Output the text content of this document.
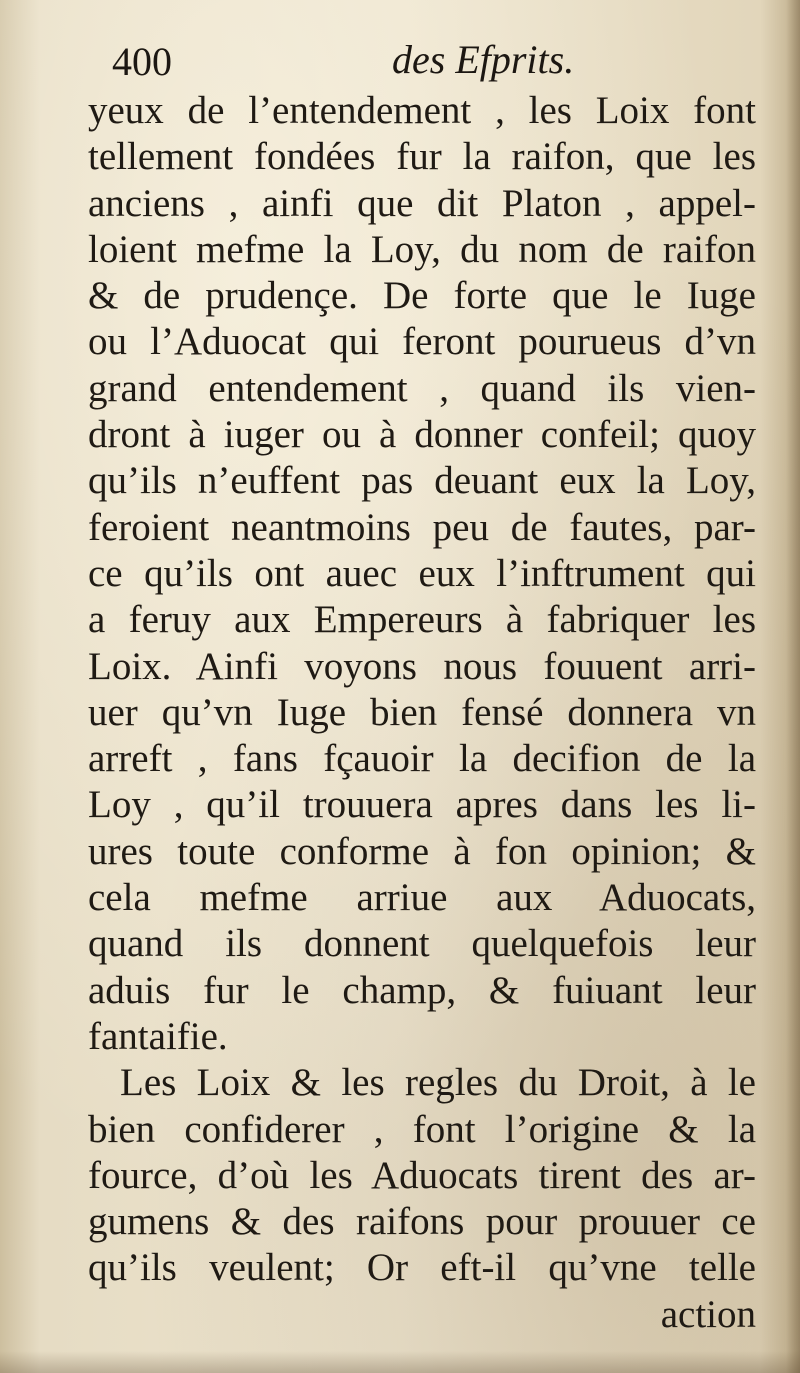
400	des Efprits.
yeux de l’entendement , les Loix font
tellement fondées fur la raifon, que les
anciens , ainfi que dit Platon , appel-
loient mefme la Loy, du nom de raifon
& de prudençe. De forte que le Iuge
ou l’Aduocat qui feront pourueus d’vn
grand entendement , quand ils vien-
dront à iuger ou à donner confeil; quoy
qu’ils n’euffent pas deuant eux la Loy,
feroient neantmoins peu de fautes, par-
ce qu’ils ont auec eux l’inftrument qui
a feruy aux Empereurs à fabriquer les
Loix. Ainfi voyons nous fouuent arri-
uer qu’vn Iuge bien fensé donnera vn
arreft , fans fçauoir la decifion de la
Loy , qu’il trouuera apres dans les li-
ures toute conforme à fon opinion; &
cela mefme arriue aux Aduocats,
quand ils donnent quelquefois leur
aduis fur le champ, & fuiuant leur
fantaifie.
Les Loix & les regles du Droit, à le
bien confiderer , font l’origine & la
fource, d’où les Aduocats tirent des ar-
gumens & des raifons pour prouuer ce
qu’ils veulent; Or eft-il qu’vne telle
action
